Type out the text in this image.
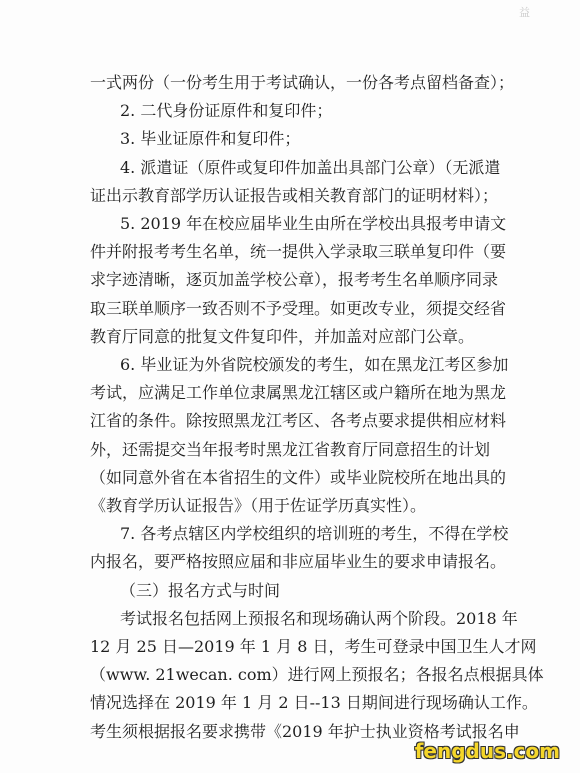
益
一式两份（一份考生用于考试确认，一份各考点留档备查）；
2. 二代身份证原件和复印件；
3. 毕业证原件和复印件；
4. 派遣证（原件或复印件加盖出具部门公章）（无派遣
证出示教育部学历认证报告或相关教育部门的证明材料）；
5. 2019 年在校应届毕业生由所在学校出具报考申请文
件并附报考考生名单，统一提供入学录取三联单复印件（要
求字迹清晰，逐页加盖学校公章），报考考生名单顺序同录
取三联单顺序一致否则不予受理。如更改专业，须提交经省
教育厅同意的批复文件复印件，并加盖对应部门公章。
6. 毕业证为外省院校颁发的考生，如在黑龙江考区参加
考试，应满足工作单位隶属黑龙江辖区或户籍所在地为黑龙
江省的条件。除按照黑龙江考区、各考点要求提供相应材料
外，还需提交当年报考时黑龙江省教育厅同意招生的计划
（如同意外省在本省招生的文件）或毕业院校所在地出具的
《教育学历认证报告》（用于佐证学历真实性）。
7. 各考点辖区内学校组织的培训班的考生，不得在学校
内报名，要严格按照应届和非应届毕业生的要求申请报名。
（三）报名方式与时间
考试报名包括网上预报名和现场确认两个阶段。2018 年
12 月 25 日—2019 年 1 月 8 日，考生可登录中国卫生人才网
（www. 21wecan. com）进行网上预报名；各报名点根据具体
情况选择在 2019 年 1 月 2 日--13 日期间进行现场确认工作。
考生须根据报名要求携带《2019 年护士执业资格考试报名申
fengdus.com
